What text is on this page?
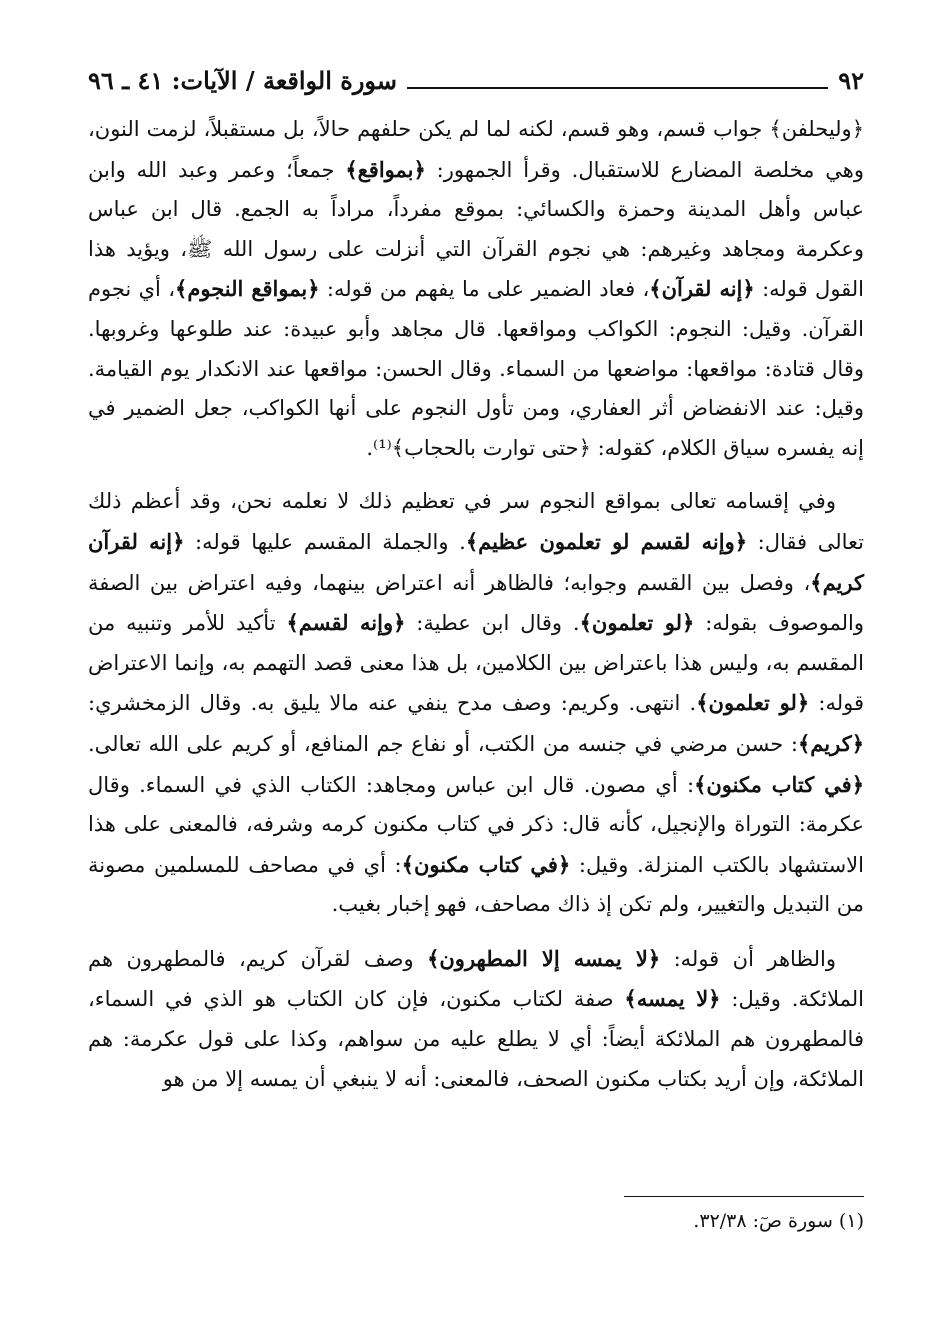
٩٢
سورة الواقعة / الآيات: ٤١ ـ ٩٦

﴿وليحلفن﴾ جواب قسم، وهو قسم، لكنه لما لم يكن حلفهم حالاً، بل مستقبلاً، لزمت النون، وهي مخلصة المضارع للاستقبال. وقرأ الجمهور: ﴿بمواقع﴾ جمعاً؛ وعمر وعبد الله وابن عباس وأهل المدينة وحمزة والكسائي: بموقع مفرداً، مراداً به الجمع. قال ابن عباس وعكرمة ومجاهد وغيرهم: هي نجوم القرآن التي أنزلت على رسول الله ﷺ، ويؤيد هذا القول قوله: ﴿إنه لقرآن﴾، فعاد الضمير على ما يفهم من قوله: ﴿بمواقع النجوم﴾، أي نجوم القرآن. وقيل: النجوم: الكواكب ومواقعها. قال مجاهد وأبو عبيدة: عند طلوعها وغروبها. وقال قتادة: مواقعها: مواضعها من السماء. وقال الحسن: مواقعها عند الانكدار يوم القيامة. وقيل: عند الانفضاض أثر العفاري، ومن تأول النجوم على أنها الكواكب، جعل الضمير في إنه يفسره سياق الكلام، كقوله: ﴿حتى توارت بالحجاب﴾⁽¹⁾.

وفي إقسامه تعالى بمواقع النجوم سر في تعظيم ذلك لا نعلمه نحن، وقد أعظم ذلك تعالى فقال: ﴿وإنه لقسم لو تعلمون عظيم﴾. والجملة المقسم عليها قوله: ﴿إنه لقرآن كريم﴾، وفصل بين القسم وجوابه؛ فالظاهر أنه اعتراض بينهما، وفيه اعتراض بين الصفة والموصوف بقوله: ﴿لو تعلمون﴾. وقال ابن عطية: ﴿وإنه لقسم﴾ تأكيد للأمر وتنبيه من المقسم به، وليس هذا باعتراض بين الكلامين، بل هذا معنى قصد التهمم به، وإنما الاعتراض قوله: ﴿لو تعلمون﴾. انتهى. وكريم: وصف مدح ينفي عنه مالا يليق به. وقال الزمخشري: ﴿كريم﴾: حسن مرضي في جنسه من الكتب، أو نفاع جم المنافع، أو كريم على الله تعالى. ﴿في كتاب مكنون﴾: أي مصون. قال ابن عباس ومجاهد: الكتاب الذي في السماء. وقال عكرمة: التوراة والإنجيل، كأنه قال: ذكر في كتاب مكنون كرمه وشرفه، فالمعنى على هذا الاستشهاد بالكتب المنزلة. وقيل: ﴿في كتاب مكنون﴾: أي في مصاحف للمسلمين مصونة من التبديل والتغيير، ولم تكن إذ ذاك مصاحف، فهو إخبار بغيب.

والظاهر أن قوله: ﴿لا يمسه إلا المطهرون﴾ وصف لقرآن كريم، فالمطهرون هم الملائكة. وقيل: ﴿لا يمسه﴾ صفة لكتاب مكنون، فإن كان الكتاب هو الذي في السماء، فالمطهرون هم الملائكة أيضاً: أي لا يطلع عليه من سواهم، وكذا على قول عكرمة: هم الملائكة، وإن أريد بكتاب مكنون الصحف، فالمعنى: أنه لا ينبغي أن يمسه إلا من هو

(١) سورة صٓ: ٣٢/٣٨.
